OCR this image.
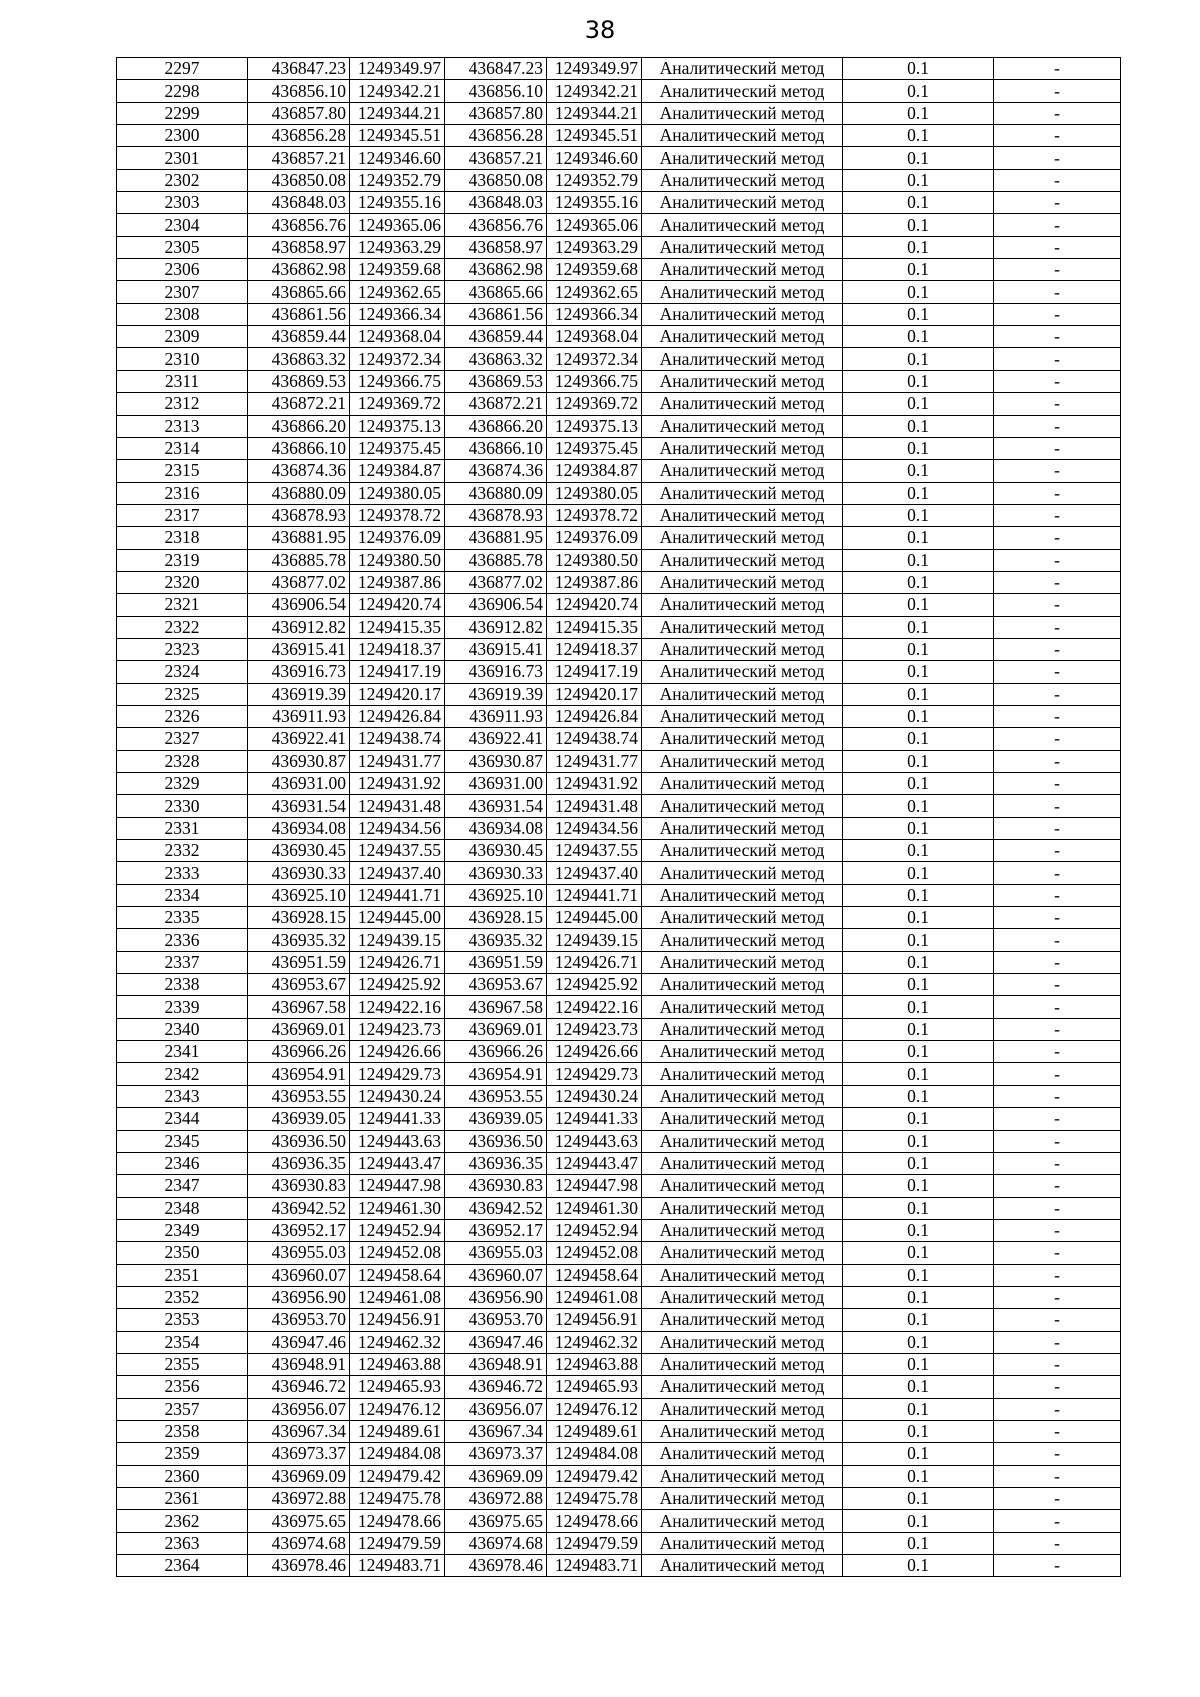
38
2297	436847.23	1249349.97	436847.23	1249349.97	Аналитический метод	0.1	-
2298	436856.10	1249342.21	436856.10	1249342.21	Аналитический метод	0.1	-
2299	436857.80	1249344.21	436857.80	1249344.21	Аналитический метод	0.1	-
2300	436856.28	1249345.51	436856.28	1249345.51	Аналитический метод	0.1	-
2301	436857.21	1249346.60	436857.21	1249346.60	Аналитический метод	0.1	-
2302	436850.08	1249352.79	436850.08	1249352.79	Аналитический метод	0.1	-
2303	436848.03	1249355.16	436848.03	1249355.16	Аналитический метод	0.1	-
2304	436856.76	1249365.06	436856.76	1249365.06	Аналитический метод	0.1	-
2305	436858.97	1249363.29	436858.97	1249363.29	Аналитический метод	0.1	-
2306	436862.98	1249359.68	436862.98	1249359.68	Аналитический метод	0.1	-
2307	436865.66	1249362.65	436865.66	1249362.65	Аналитический метод	0.1	-
2308	436861.56	1249366.34	436861.56	1249366.34	Аналитический метод	0.1	-
2309	436859.44	1249368.04	436859.44	1249368.04	Аналитический метод	0.1	-
2310	436863.32	1249372.34	436863.32	1249372.34	Аналитический метод	0.1	-
2311	436869.53	1249366.75	436869.53	1249366.75	Аналитический метод	0.1	-
2312	436872.21	1249369.72	436872.21	1249369.72	Аналитический метод	0.1	-
2313	436866.20	1249375.13	436866.20	1249375.13	Аналитический метод	0.1	-
2314	436866.10	1249375.45	436866.10	1249375.45	Аналитический метод	0.1	-
2315	436874.36	1249384.87	436874.36	1249384.87	Аналитический метод	0.1	-
2316	436880.09	1249380.05	436880.09	1249380.05	Аналитический метод	0.1	-
2317	436878.93	1249378.72	436878.93	1249378.72	Аналитический метод	0.1	-
2318	436881.95	1249376.09	436881.95	1249376.09	Аналитический метод	0.1	-
2319	436885.78	1249380.50	436885.78	1249380.50	Аналитический метод	0.1	-
2320	436877.02	1249387.86	436877.02	1249387.86	Аналитический метод	0.1	-
2321	436906.54	1249420.74	436906.54	1249420.74	Аналитический метод	0.1	-
2322	436912.82	1249415.35	436912.82	1249415.35	Аналитический метод	0.1	-
2323	436915.41	1249418.37	436915.41	1249418.37	Аналитический метод	0.1	-
2324	436916.73	1249417.19	436916.73	1249417.19	Аналитический метод	0.1	-
2325	436919.39	1249420.17	436919.39	1249420.17	Аналитический метод	0.1	-
2326	436911.93	1249426.84	436911.93	1249426.84	Аналитический метод	0.1	-
2327	436922.41	1249438.74	436922.41	1249438.74	Аналитический метод	0.1	-
2328	436930.87	1249431.77	436930.87	1249431.77	Аналитический метод	0.1	-
2329	436931.00	1249431.92	436931.00	1249431.92	Аналитический метод	0.1	-
2330	436931.54	1249431.48	436931.54	1249431.48	Аналитический метод	0.1	-
2331	436934.08	1249434.56	436934.08	1249434.56	Аналитический метод	0.1	-
2332	436930.45	1249437.55	436930.45	1249437.55	Аналитический метод	0.1	-
2333	436930.33	1249437.40	436930.33	1249437.40	Аналитический метод	0.1	-
2334	436925.10	1249441.71	436925.10	1249441.71	Аналитический метод	0.1	-
2335	436928.15	1249445.00	436928.15	1249445.00	Аналитический метод	0.1	-
2336	436935.32	1249439.15	436935.32	1249439.15	Аналитический метод	0.1	-
2337	436951.59	1249426.71	436951.59	1249426.71	Аналитический метод	0.1	-
2338	436953.67	1249425.92	436953.67	1249425.92	Аналитический метод	0.1	-
2339	436967.58	1249422.16	436967.58	1249422.16	Аналитический метод	0.1	-
2340	436969.01	1249423.73	436969.01	1249423.73	Аналитический метод	0.1	-
2341	436966.26	1249426.66	436966.26	1249426.66	Аналитический метод	0.1	-
2342	436954.91	1249429.73	436954.91	1249429.73	Аналитический метод	0.1	-
2343	436953.55	1249430.24	436953.55	1249430.24	Аналитический метод	0.1	-
2344	436939.05	1249441.33	436939.05	1249441.33	Аналитический метод	0.1	-
2345	436936.50	1249443.63	436936.50	1249443.63	Аналитический метод	0.1	-
2346	436936.35	1249443.47	436936.35	1249443.47	Аналитический метод	0.1	-
2347	436930.83	1249447.98	436930.83	1249447.98	Аналитический метод	0.1	-
2348	436942.52	1249461.30	436942.52	1249461.30	Аналитический метод	0.1	-
2349	436952.17	1249452.94	436952.17	1249452.94	Аналитический метод	0.1	-
2350	436955.03	1249452.08	436955.03	1249452.08	Аналитический метод	0.1	-
2351	436960.07	1249458.64	436960.07	1249458.64	Аналитический метод	0.1	-
2352	436956.90	1249461.08	436956.90	1249461.08	Аналитический метод	0.1	-
2353	436953.70	1249456.91	436953.70	1249456.91	Аналитический метод	0.1	-
2354	436947.46	1249462.32	436947.46	1249462.32	Аналитический метод	0.1	-
2355	436948.91	1249463.88	436948.91	1249463.88	Аналитический метод	0.1	-
2356	436946.72	1249465.93	436946.72	1249465.93	Аналитический метод	0.1	-
2357	436956.07	1249476.12	436956.07	1249476.12	Аналитический метод	0.1	-
2358	436967.34	1249489.61	436967.34	1249489.61	Аналитический метод	0.1	-
2359	436973.37	1249484.08	436973.37	1249484.08	Аналитический метод	0.1	-
2360	436969.09	1249479.42	436969.09	1249479.42	Аналитический метод	0.1	-
2361	436972.88	1249475.78	436972.88	1249475.78	Аналитический метод	0.1	-
2362	436975.65	1249478.66	436975.65	1249478.66	Аналитический метод	0.1	-
2363	436974.68	1249479.59	436974.68	1249479.59	Аналитический метод	0.1	-
2364	436978.46	1249483.71	436978.46	1249483.71	Аналитический метод	0.1	-
